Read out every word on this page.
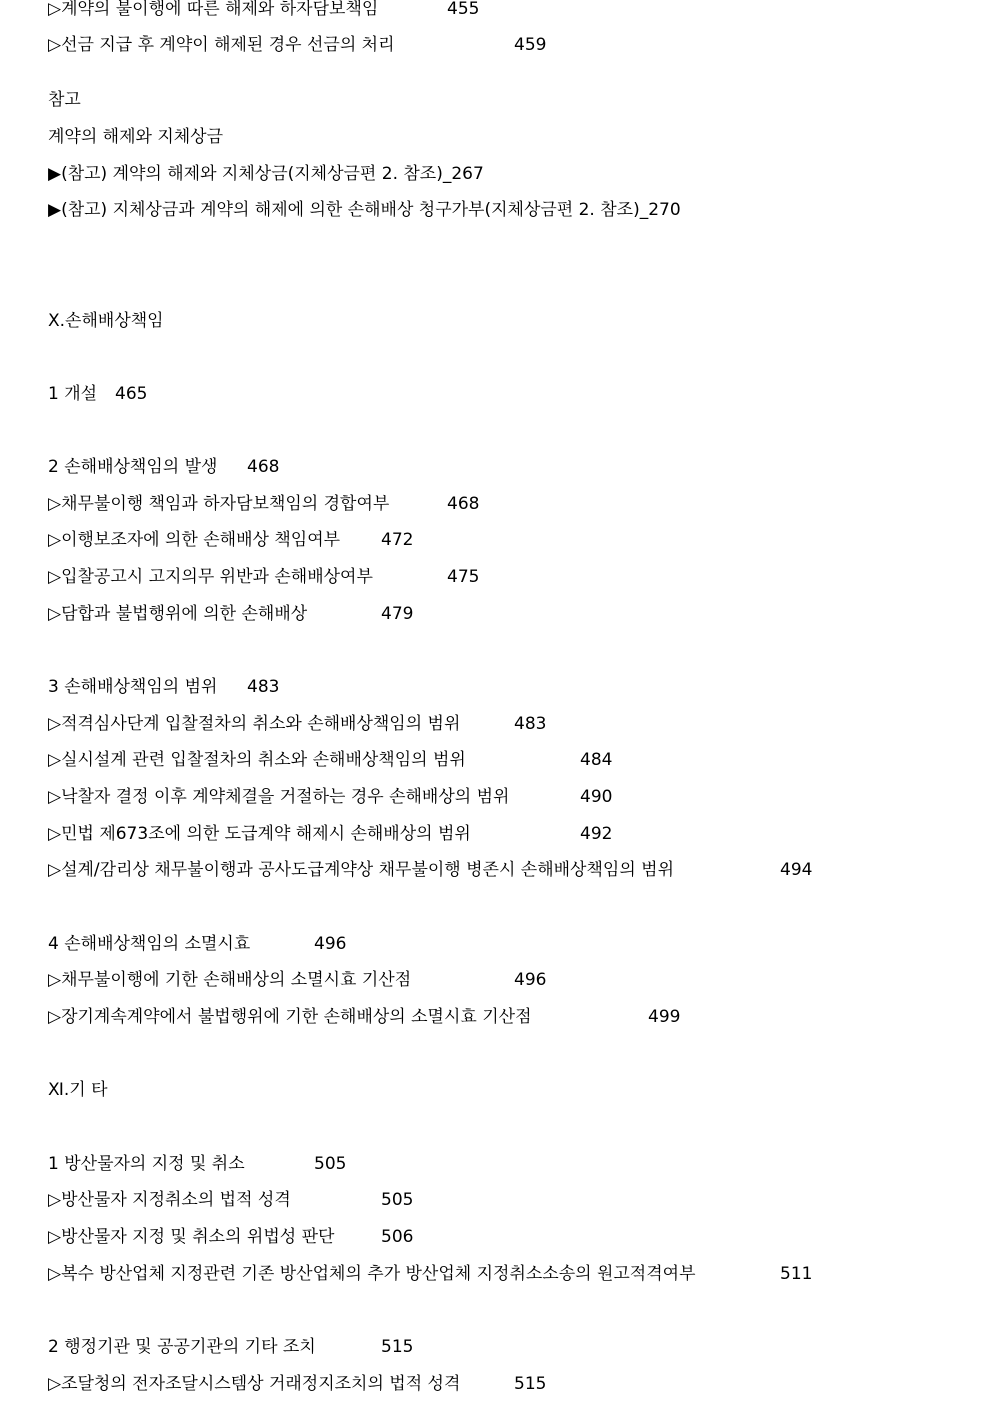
▷계약의 불이행에 따른 해제와 하자담보책임	455
▷선금 지급 후 계약이 해제된 경우 선금의 처리	459
참고
계약의 해제와 지체상금
▶(참고) 계약의 해제와 지체상금(지체상금편 2. 참조)_267
▶(참고) 지체상금과 계약의 해제에 의한 손해배상 청구가부(지체상금편 2. 참조)_270
Ⅹ.손해배상책임
1 개설 465
2 손해배상책임의 발생 468
▷채무불이행 책임과 하자담보책임의 경합여부	468
▷이행보조자에 의한 손해배상 책임여부 472
▷입찰공고시 고지의무 위반과 손해배상여부	475
▷담합과 불법행위에 의한 손해배상	479
3 손해배상책임의 범위 483
▷적격심사단계 입찰절차의 취소와 손해배상책임의 범위	483
▷실시설계 관련 입찰절차의 취소와 손해배상책임의 범위	484
▷낙찰자 결정 이후 계약체결을 거절하는 경우 손해배상의 범위	490
▷민법 제673조에 의한 도급계약 해제시 손해배상의 범위	492
▷설계/감리상 채무불이행과 공사도급계약상 채무불이행 병존시 손해배상책임의 범위	494
4 손해배상책임의 소멸시효	496
▷채무불이행에 기한 손해배상의 소멸시효 기산점	496
▷장기계속계약에서 불법행위에 기한 손해배상의 소멸시효 기산점	499
Ⅺ.기 타
1 방산물자의 지정 및 취소	505
▷방산물자 지정취소의 법적 성격	505
▷방산물자 지정 및 취소의 위법성 판단	506
▷복수 방산업체 지정관련 기존 방산업체의 추가 방산업체 지정취소소송의 원고적격여부	511
2 행정기관 및 공공기관의 기타 조치	515
▷조달청의 전자조달시스템상 거래정지조치의 법적 성격	515
